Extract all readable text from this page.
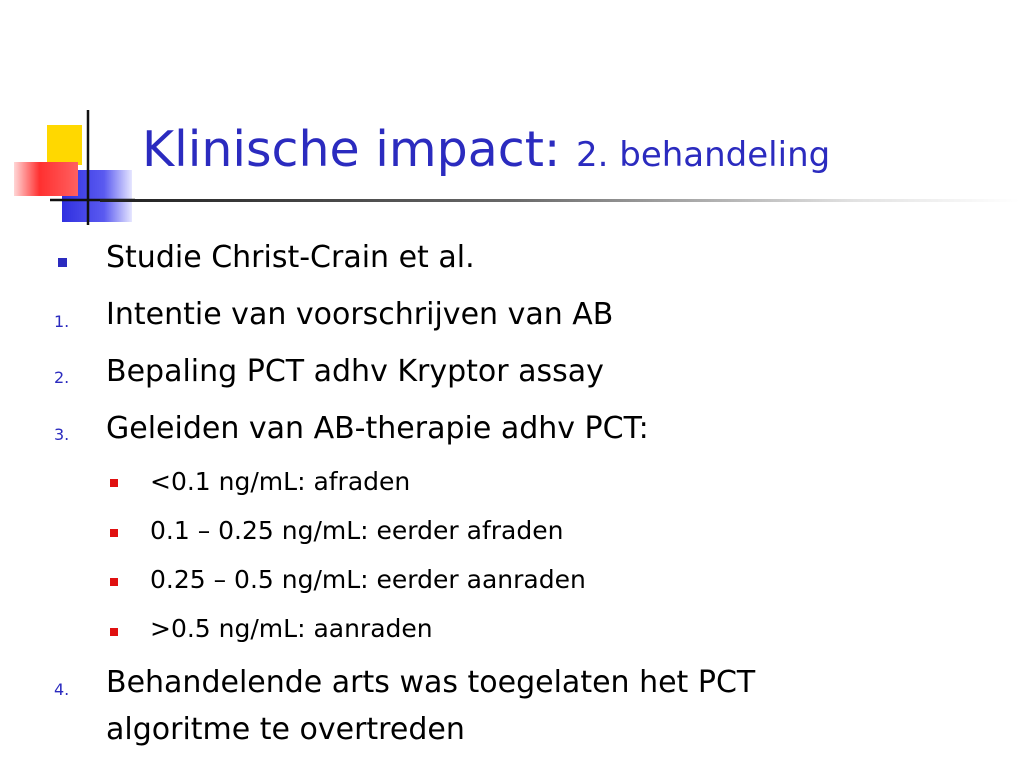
Klinische impact: 2. behandeling
Studie Christ-Crain et al.
1. Intentie van voorschrijven van AB
2. Bepaling PCT adhv Kryptor assay
3. Geleiden van AB-therapie adhv PCT:
<0.1 ng/mL: afraden
0.1 – 0.25 ng/mL: eerder afraden
0.25 – 0.5 ng/mL: eerder aanraden
>0.5 ng/mL: aanraden
4. Behandelende arts was toegelaten het PCT
algoritme te overtreden
